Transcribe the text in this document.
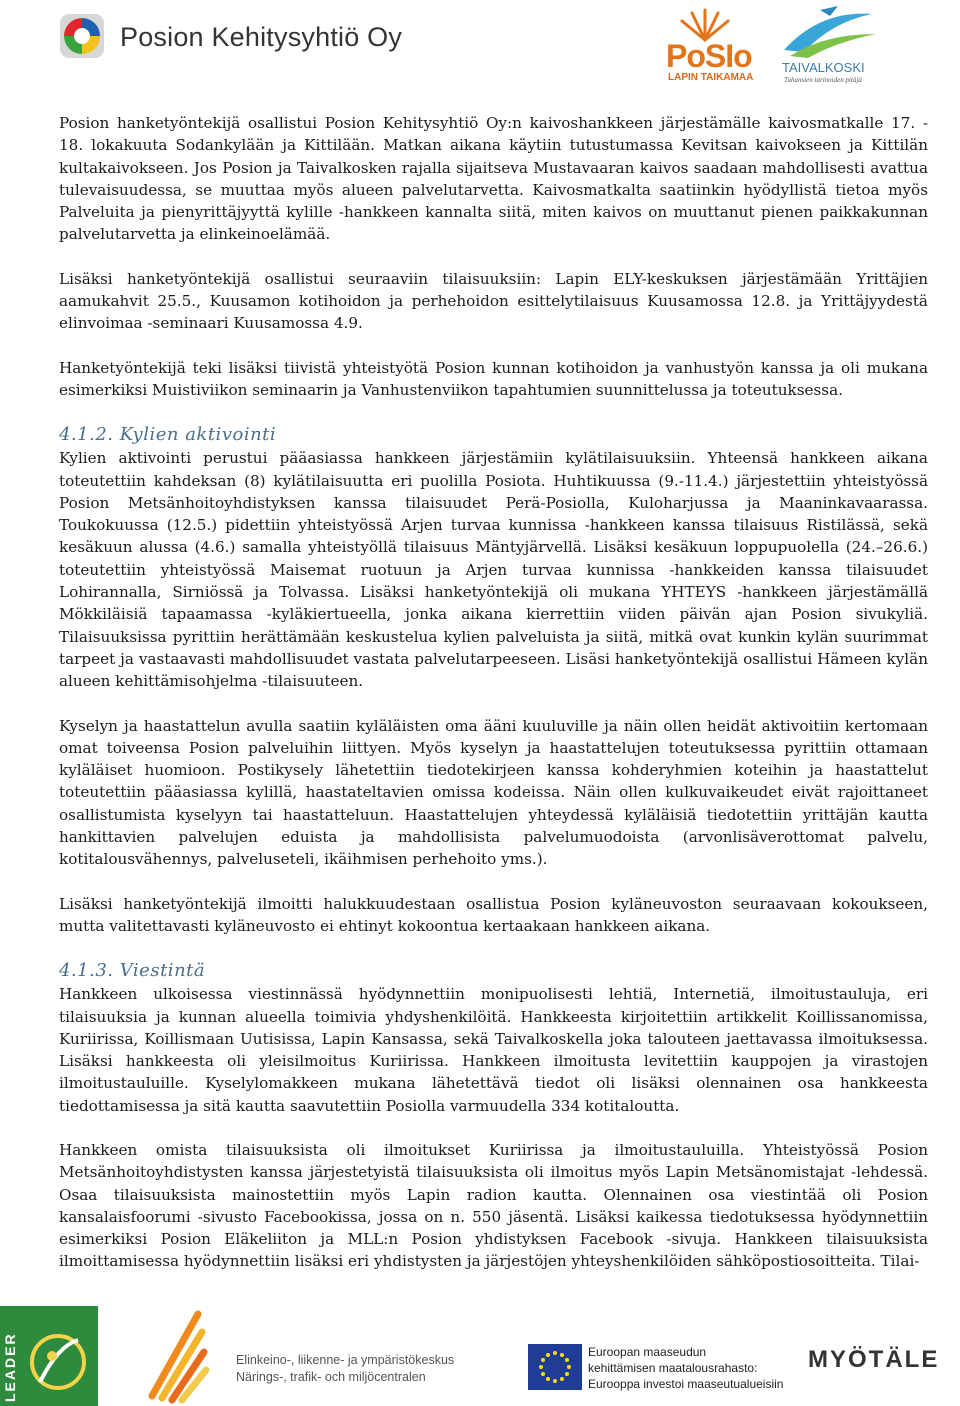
Posion Kehitysyhtiö Oy
PoSIo
LAPIN TAIKAMAA
TAIVALKOSKI
Tuhansien tarinoiden pitäjä

Posion hanketyöntekijä osallistui Posion Kehitysyhtiö Oy:n kaivoshankkeen järjestämälle kaivosmatkalle 17. - 18. lokakuuta Sodankylään ja Kittilään. Matkan aikana käytiin tutustumassa Kevitsan kaivokseen ja Kittilän kultakaivokseen. Jos Posion ja Taivalkosken rajalla sijaitseva Mustavaaran kaivos saadaan mahdollisesti avattua tulevaisuudessa, se muuttaa myös alueen palvelutarvetta. Kaivosmatkalta saatiinkin hyödyllistä tietoa myös Palveluita ja pienyrittäjyyttä kylille -hankkeen kannalta siitä, miten kaivos on muuttanut pienen paikkakunnan palvelutarvetta ja elinkeinoelämää.

Lisäksi hanketyöntekijä osallistui seuraaviin tilaisuuksiin: Lapin ELY-keskuksen järjestämään Yrittäjien aamukahvit 25.5., Kuusamon kotihoidon ja perhehoidon esittelytilaisuus Kuusamossa 12.8. ja Yrittäjyydestä elinvoimaa -seminaari Kuusamossa 4.9.

Hanketyöntekijä teki lisäksi tiivistä yhteistyötä Posion kunnan kotihoidon ja vanhustyön kanssa ja oli mukana esimerkiksi Muistiviikon seminaarin ja Vanhustenviikon tapahtumien suunnittelussa ja toteutuksessa.

4.1.2. Kylien aktivointi

Kylien aktivointi perustui pääasiassa hankkeen järjestämiin kylätilaisuuksiin. Yhteensä hankkeen aikana toteutettiin kahdeksan (8) kylätilaisuutta eri puolilla Posiota. Huhtikuussa (9.-11.4.) järjestettiin yhteistyössä Posion Metsänhoitoyhdistyksen kanssa tilaisuudet Perä-Posiolla, Kuloharjussa ja Maaninkavaarassa. Toukokuussa (12.5.) pidettiin yhteistyössä Arjen turvaa kunnissa -hankkeen kanssa tilaisuus Ristilässä, sekä kesäkuun alussa (4.6.) samalla yhteistyöllä tilaisuus Mäntyjärvellä. Lisäksi kesäkuun loppupuolella (24.–26.6.) toteutettiin yhteistyössä Maisemat ruotuun ja Arjen turvaa kunnissa -hankkeiden kanssa tilaisuudet Lohirannalla, Sirniössä ja Tolvassa. Lisäksi hanketyöntekijä oli mukana YHTEYS -hankkeen järjestämällä Mökkiläisiä tapaamassa -kyläkiertueella, jonka aikana kierrettiin viiden päivän ajan Posion sivukyliä. Tilaisuuksissa pyrittiin herättämään keskustelua kylien palveluista ja siitä, mitkä ovat kunkin kylän suurimmat tarpeet ja vastaavasti mahdollisuudet vastata palvelutarpeeseen. Lisäsi hanketyöntekijä osallistui Hämeen kylän alueen kehittämisohjelma -tilaisuuteen.

Kyselyn ja haastattelun avulla saatiin kyläläisten oma ääni kuuluville ja näin ollen heidät aktivoitiin kertomaan omat toiveensa Posion palveluihin liittyen. Myös kyselyn ja haastattelujen toteutuksessa pyrittiin ottamaan kyläläiset huomioon. Postikysely lähetettiin tiedotekirjeen kanssa kohderyhmien koteihin ja haastattelut toteutettiin pääasiassa kylillä, haastateltavien omissa kodeissa. Näin ollen kulkuvaikeudet eivät rajoittaneet osallistumista kyselyyn tai haastatteluun. Haastattelujen yhteydessä kyläläisiä tiedotettiin yrittäjän kautta hankittavien palvelujen eduista ja mahdollisista palvelumuodoista (arvonlisäverottomat palvelu, kotitalousvähennys, palveluseteli, ikäihmisen perhehoito yms.).

Lisäksi hanketyöntekijä ilmoitti halukkuudestaan osallistua Posion kyläneuvoston seuraavaan kokoukseen, mutta valitettavasti kyläneuvosto ei ehtinyt kokoontua kertaakaan hankkeen aikana.

4.1.3. Viestintä

Hankkeen ulkoisessa viestinnässä hyödynnettiin monipuolisesti lehtiä, Internetiä, ilmoitustauluja, eri tilaisuuksia ja kunnan alueella toimivia yhdyshenkilöitä. Hankkeesta kirjoitettiin artikkelit Koillissanomissa, Kuriirissa, Koillismaan Uutisissa, Lapin Kansassa, sekä Taivalkoskella joka talouteen jaettavassa ilmoituksessa. Lisäksi hankkeesta oli yleisilmoitus Kuriirissa. Hankkeen ilmoitusta levitettiin kauppojen ja virastojen ilmoitustauluille. Kyselylomakkeen mukana lähetettävä tiedot oli lisäksi olennainen osa hankkeesta tiedottamisessa ja sitä kautta saavutettiin Posiolla varmuudella 334 kotitaloutta.

Hankkeen omista tilaisuuksista oli ilmoitukset Kuriirissa ja ilmoitustauluilla. Yhteistyössä Posion Metsänhoitoyhdistysten kanssa järjestetyistä tilaisuuksista oli ilmoitus myös Lapin Metsänomistajat -lehdessä. Osaa tilaisuuksista mainostettiin myös Lapin radion kautta. Olennainen osa viestintää oli Posion kansalaisfoorumi -sivusto Facebookissa, jossa on n. 550 jäsentä. Lisäksi kaikessa tiedotuksessa hyödynnettiin esimerkiksi Posion Eläkeliiton ja MLL:n Posion yhdistyksen Facebook -sivuja. Hankkeen tilaisuuksista ilmoittamisessa hyödynnettiin lisäksi eri yhdistysten ja järjestöjen yhteyshenkilöiden sähköpostiosoitteita. Tilai-

LEADER	Elinkeino-, liikenne- ja ympäristökeskus
Närings-, trafik- och miljöcentralen
Euroopan maaseudun
kehittämisen maatalousrahasto:
Eurooppa investoi maaseutualueisiin
MYÖTÄLE
